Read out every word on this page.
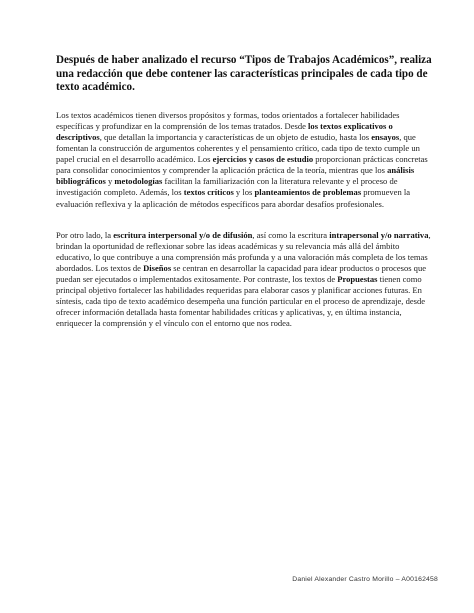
Después de haber analizado el recurso “Tipos de Trabajos Académicos”, realiza una redacción que debe contener las características principales de cada tipo de texto académico.

Los textos académicos tienen diversos propósitos y formas, todos orientados a fortalecer habilidades específicas y profundizar en la comprensión de los temas tratados. Desde los textos explicativos o descriptivos, que detallan la importancia y características de un objeto de estudio, hasta los ensayos, que fomentan la construcción de argumentos coherentes y el pensamiento crítico, cada tipo de texto cumple un papel crucial en el desarrollo académico. Los ejercicios y casos de estudio proporcionan prácticas concretas para consolidar conocimientos y comprender la aplicación práctica de la teoría, mientras que los análisis bibliográficos y metodologías facilitan la familiarización con la literatura relevante y el proceso de investigación completo. Además, los textos críticos y los planteamientos de problemas promueven la evaluación reflexiva y la aplicación de métodos específicos para abordar desafíos profesionales.

Por otro lado, la escritura interpersonal y/o de difusión, así como la escritura intrapersonal y/o narrativa, brindan la oportunidad de reflexionar sobre las ideas académicas y su relevancia más allá del ámbito educativo, lo que contribuye a una comprensión más profunda y a una valoración más completa de los temas abordados. Los textos de Diseños se centran en desarrollar la capacidad para idear productos o procesos que puedan ser ejecutados o implementados exitosamente. Por contraste, los textos de Propuestas tienen como principal objetivo fortalecer las habilidades requeridas para elaborar casos y planificar acciones futuras. En síntesis, cada tipo de texto académico desempeña una función particular en el proceso de aprendizaje, desde ofrecer información detallada hasta fomentar habilidades críticas y aplicativas, y, en última instancia, enriquecer la comprensión y el vínculo con el entorno que nos rodea.

Daniel Alexander Castro Morillo – A00162458
